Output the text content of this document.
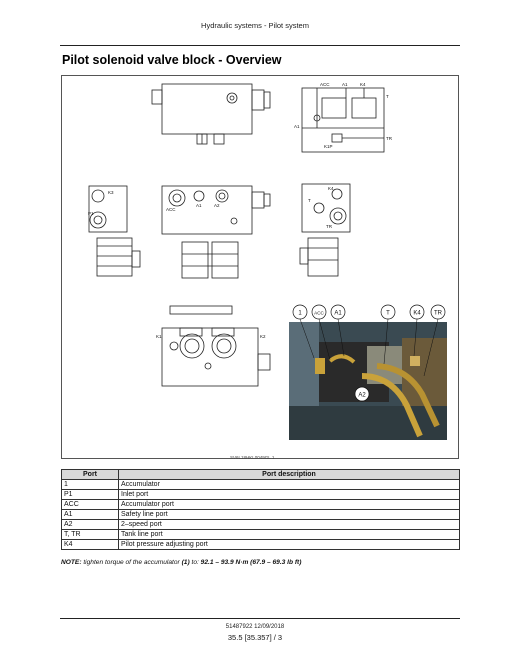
Hydraulic systems - Pilot system
Pilot solenoid valve block - Overview
1	ACC A1	T	K4 TR
A2
ACC	A1	K4
A1
T
TR
K1P
K3
P1
ACC
A1	A2
K4
T
TR
K1	K2
SV6L18HKL0049GL 1
Port	Port description
1	Accumulator
P1	Inlet port
ACC	Accumulator port
A1	Safety line port
A2	2–speed port
T, TR	Tank line port
K4	Pilot pressure adjusting port
NOTE: tighten torque of the accumulator (1) to: 92.1 – 93.9 N·m (67.9 – 69.3 lb ft)
51487922 12/09/2018
35.5 [35.357] / 3
